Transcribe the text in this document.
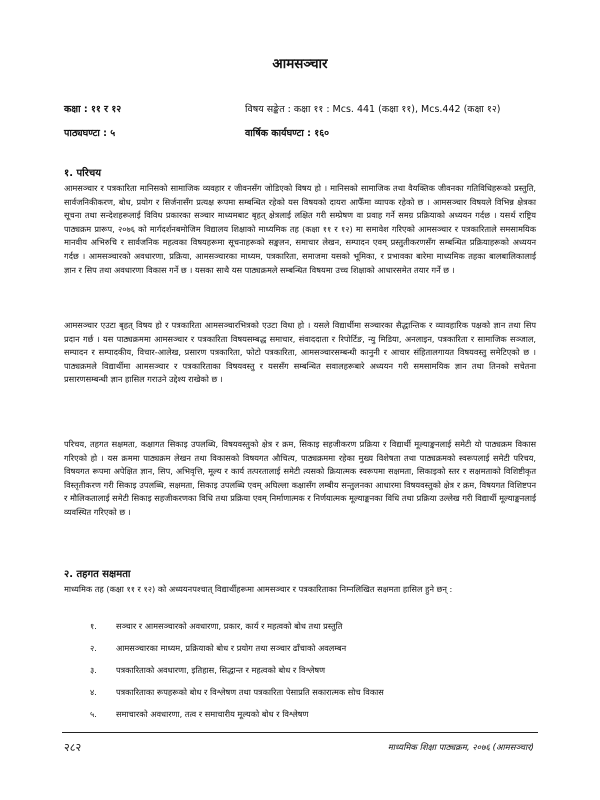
आमसञ्चार
कक्षा : ११ र १२	विषय सङ्केत : कक्षा ११ : Mcs. 441 (कक्षा ११), Mcs.442 (कक्षा १२)
पाठ्यघण्टा : ५	वार्षिक कार्यघण्टा : १६०
१. परिचय
आमसञ्चार र पत्रकारिता मानिसको सामाजिक व्यवहार र जीवनसँग जोडिएको विषय हो । मानिसको सामाजिक तथा वैयक्तिक जीवनका गतिविधिहरूको प्रस्तुति, सार्वजनिकीकरण, बोध, प्रयोग र सिर्जनासँग प्रत्यक्ष रूपमा सम्बन्धित रहेको यस विषयको दायरा आफैँमा व्यापक रहेको छ । आमसञ्चार विषयले विभिन्न क्षेत्रका सूचना तथा सन्देशहरूलाई विविध प्रकारका सञ्चार माध्यमबाट बृहत् क्षेत्रलाई लक्षित गरी सम्प्रेषण वा प्रवाह गर्ने समग्र प्रक्रियाको अध्ययन गर्दछ । यसर्थ राष्ट्रिय पाठ्यक्रम प्रारूप, २०७६ को मार्गदर्शनबमोजिम विद्यालय शिक्षाको माध्यमिक तह (कक्षा ११ र १२) मा समावेश गरिएको आमसञ्चार र पत्रकारिताले समसामयिक मानवीय अभिरुचि र सार्वजनिक महत्वका विषयहरूमा सूचनाहरूको सङ्कलन, समाचार लेखन, सम्पादन एवम् प्रस्तुतीकरणसँग सम्बन्धित प्रक्रियाहरूको अध्ययन गर्दछ । आमसञ्चारको अवधारणा, प्रक्रिया, आमसञ्चारका माध्यम, पत्रकारिता, समाजमा यसको भूमिका, र प्रभावका बारेमा माध्यमिक तहका बालबालिकालाई ज्ञान र सिप तथा अवधारणा विकास गर्ने छ । यसका साथै यस पाठ्यक्रमले सम्बन्धित विषयमा उच्च शिक्षाको आधारसमेत तयार गर्ने छ ।
आमसञ्चार एउटा बृहत् विषय हो र पत्रकारिता आमसञ्चारभित्रको एउटा विधा हो । यसले विद्यार्थीमा सञ्चारका सैद्धान्तिक र व्यावहारिक पक्षको ज्ञान तथा सिप प्रदान गर्छ । यस पाठ्यक्रममा आमसञ्चार र पत्रकारिता विषयसम्बद्ध समाचार, संवाददाता र रिपोर्टिङ, न्यु मिडिया, अनलाइन, पत्रकारिता र सामाजिक सञ्जाल, सम्पादन र सम्पादकीय, विचार-आलेख, प्रसारण पत्रकारिता, फोटो पत्रकारिता, आमसञ्चारसम्बन्धी कानुनी र आचार संहितालगायत विषयवस्तु समेटिएको छ । पाठ्यक्रमले विद्यार्थीमा आमसञ्चार र पत्रकारिताका विषयवस्तु र यससँग सम्बन्धित सवालहरूबारे अध्ययन गरी समसामयिक ज्ञान तथा तिनको सचेतना प्रसारणसम्बन्धी ज्ञान हासिल गराउने उद्देश्य राखेको छ ।
परिचय, तहगत सक्षमता, कक्षागत सिकाइ उपलब्धि, विषयवस्तुको क्षेत्र र क्रम, सिकाइ सहजीकरण प्रक्रिया र विद्यार्थी मूल्याङ्कनलाई समेटी यो पाठ्यक्रम विकास गरिएको हो । यस क्रममा पाठ्यक्रम लेखन तथा विकासको विषयगत औचित्य, पाठ्यक्रममा रहेका मुख्य विशेषता तथा पाठ्यक्रमको स्वरूपलाई समेटी परिचय, विषयगत रूपमा अपेक्षित ज्ञान, सिप, अभिवृत्ति, मूल्य र कार्य तत्परतालाई समेटी त्यसको क्रियात्मक स्वरूपमा सक्षमता, सिकाइको स्तर र सक्षमताको विशिष्टीकृत विस्तृतीकरण गरी सिकाइ उपलब्धि, सक्षमता, सिकाइ उपलब्धि एवम् अघिल्ला कक्षासँग लम्बीय सन्तुलनका आधारमा विषयवस्तुको क्षेत्र र क्रम, विषयगत विशिष्टपन र मौलिकतालाई समेटी सिकाइ सहजीकरणका विधि तथा प्रक्रिया एवम् निर्माणात्मक र निर्णयात्मक मूल्याङ्कनका विधि तथा प्रक्रिया उल्लेख गरी विद्यार्थी मूल्याङ्कनलाई व्यवस्थित गरिएको छ ।
२. तहगत सक्षमता
माध्यमिक तह (कक्षा ११ र १२) को अध्ययनपश्चात् विद्यार्थीहरूमा आमसञ्चार र पत्रकारिताका निम्नलिखित सक्षमता हासिल हुने छन् :
१. सञ्चार र आमसञ्चारको अवधारणा, प्रकार, कार्य र महत्वको बोध तथा प्रस्तुति
२. आमसञ्चारका माध्यम, प्रक्रियाको बोध र प्रयोग तथा सञ्चार ढाँचाको अवलम्बन
३. पत्रकारिताको अवधारणा, इतिहास, सिद्धान्त र महत्वको बोध र विश्लेषण
४. पत्रकारिताका रूपहरूको बोध र विश्लेषण तथा पत्रकारिता पेसाप्रति सकारात्मक सोच विकास
५. समाचारको अवधारणा, तत्व र समाचारीय मूल्यको बोध र विश्लेषण
२८२	माध्यमिक शिक्षा पाठ्यक्रम, २०७६ (आमसञ्चार)
